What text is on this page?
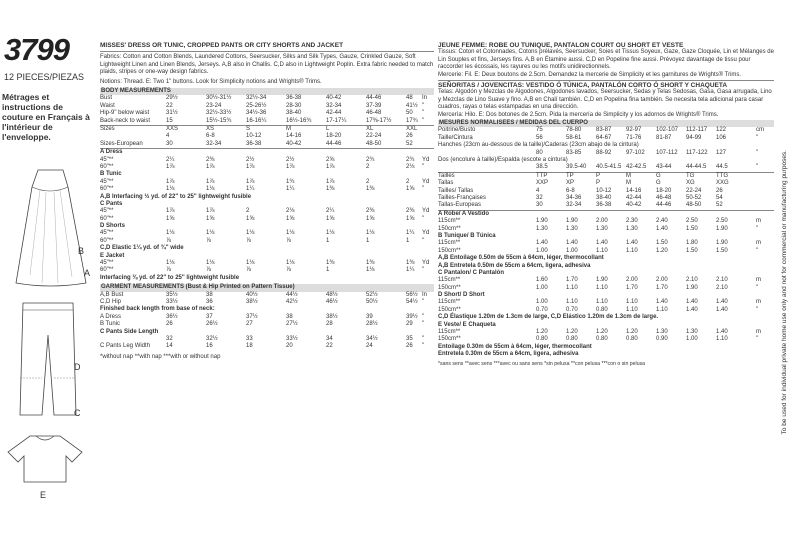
3799
12 PIECES/PIEZAS
Métrages et instructions de couture en Français à l'intérieur de l'enveloppe.
B
A
D
C
E
MISSES' DRESS OR TUNIC, CROPPED PANTS OR CITY SHORTS AND JACKET
Fabrics: Cotton and Cotton Blends, Laundered Cottons, Seersucker, Silks and Silk Types, Gauze, Crinkled Gauze, Soft Lightweight Linen and Linen Blends, Jerseys. A,B also in Challis. C,D also in Lightweight Poplin. Extra fabric needed to match plaids, stripes or one-way design fabrics.
Notions: Thread. E: Two 1" buttons. Look for Simplicity notions and Wrights® Trims.
BODY MEASUREMENTS
Bust	29½	30½-31½ 32½-34	36-38	40-42	44-46	48 In
Waist	22	23-24	25-26½	28-30	32-34	37-39	41½ "
Hip-9" below waist	31½	32½-33½ 34½-36	38-40	42-44	46-48	50 "
Back-neck to waist	15	15½-15¾ 16-16¼	16½-16¾ 17-17¼	17⅜-17½ 17¾ "
Sizes	XXS	XS	S	M	L	XL	XXL
4	6-8	10-12	14-16	18-20	22-24	26
Sizes-European	30	32-34	36-38	40-42	44-46	48-50	52
A Dress
45"**	2¼	2⅜	2½	2½	2⅝	2¾	2¾ Yd
60"**	1⅞	1⅞	1⅞	1⅞	1⅞	2	2⅛ "
B Tunic
45"**	1⅞	1⅞	1⅞	1¾	1⅞	2	2 Yd
60"**	1⅛	1⅛	1¼	1¼	1⅜	1⅜	1⅝ "
A,B Interfacing ½ yd. of 22" to 25" lightweight fusible
C Pants
45"**	1⅞	1⅞	2	2⅛	2¼	2⅜	2⅜ Yd
60"**	1⅝	1⅝	1⅝	1⅝	1⅝	1⅝	1⅝ "
D Shorts
45"**	1⅛	1⅛	1⅛	1⅛	1⅛	1⅛	1¼ Yd
60"**	⅞	⅞	⅞	⅞	1	1	1 "
C,D Elastic 1¼ yd. of ¾" wide
E Jacket
45"**	1⅛	1⅛	1⅛	1⅛	1⅜	1⅜	1⅜ Yd
60"**	⅞	⅞	⅞	⅞	1	1⅛	1¼ "
Interfacing ⅜ yd. of 22" to 25" lightweight fusible
GARMENT MEASUREMENTS (Bust & Hip Printed on Pattern Tissue)
A,B Bust	35½	38	40½	44½	48½	52½	56½ In
C,D Hip	33½	36	38½	42½	46½	50½	54½ "
Finished back length from base of neck:
A Dress	36½	37	37½	38	38½	39	39½ "
B Tunic	26	26½	27	27½	28	28½	29 "
C Pants Side Length
32	32½	33	33½	34	34½	35 "
C Pants Leg Width	14	16	18	20	22	24	26 "
*without nap **with nap ***with or without nap
JEUNE FEMME: ROBE OU TUNIQUE, PANTALON COURT OU SHORT ET VESTE
Tissus: Coton et Cotonnades, Cotons prélavés, Seersucker, Soies et Tissus Soyeux, Gaze, Gaze Cloquée, Lin et Mélanges de Lin Souples et fins, Jerseys fins. A,B en Étamine aussi. C,D en Popeline fine aussi. Prévoyez davantage de tissu pour raccorder les écossais, les rayures ou les motifs unidirectionnels.
Mercerie: Fil. E: Deux boutons de 2.5cm. Demandez la mercerie de Simplicity et les garnitures de Wrights® Trims.
SEÑORITAS / JOVENCITAS: VESTIDO Ó TÚNICA, PANTALÓN CORTO Ó SHORT Y CHAQUETA
Telas: Algodón y Mezclas de Algodones, Algodones lavados, Seersucker, Sedas y Telas Sedosas, Gasa, Gasa arrugada, Lino y Mezclas de Lino Suave y fino. A,B en Chalí también. C,D en Popelina fina también. Se necesita tela adicional para casar cuadros, rayas o telas estampadas en una dirección.
Mercería: Hilo. E: Dos botones de 2.5cm. Pida la mercería de Simplicity y los adornos de Wrights® Trims.
MESURES NORMALISEES / MEDIDAS DEL CUERPO
Poitrine/Busto	75	78-80 83-87 92-97 102-107 112-117 122	cm
Taille/Cintura	56	58-61 64-67 71-76 81-87 94-99 106	"
Hanches (23cm au-dessous de la taille)/Caderas (23cm abajo de la cintura)
80	83-85 88-92 97-102 107-112 117-122 127	"
Dos (encolure à taille)/Espalda (escote a cintura)
38.5	39.5-40 40.5-41.5 42-42.5 43-44 44-44.5 44.5	"
Tailles	TTP	TP	P	M	G	TG	TTG
Tallas	XXP	XP	P	M	G	XG	XXG
Tailles/ Tallas	4	6-8	10-12 14-16 18-20 22-24 26
Tailles-Françaises	32	34-36 38-40 42-44 46-48 50-52 54
Tallas-Europeas	30	32-34 36-38 40-42 44-46 48-50 52
A Robe/ A Vestido
115cm**	1.90	1.90	2.00	2.30	2.40	2.50	2.50	m
150cm**	1.30	1.30	1.30	1.30	1.40	1.50	1.90	"
B Tunique/ B Túnica
115cm**	1.40	1.40	1.40	1.40	1.50	1.80	1.90	m
150cm**	1.00	1.00	1.10	1.10	1.20	1.50	1.50	"
A,B Entoilage 0.50m de 55cm à 64cm, léger, thermocollant
A,B Entretela 0.50m de 55cm a 64cm, ligera, adhesiva
C Pantalon/ C Pantalón
115cm**	1.60	1.70	1.90	2.00	2.00	2.10	2.10	m
150cm**	1.00	1.10	1.10	1.70	1.70	1.90	2.10	"
D Short/ D Short
115cm**	1.00	1.10	1.10	1.10	1.40	1.40	1.40	m
150cm**	0.70	0.70	0.80	1.10	1.10	1.40	1.40	"
C,D Élastique 1.20m de 1.3cm de large, C,D Elástico 1.20m de 1.3cm de large.
E Veste/ E Chaqueta
115cm**	1.20	1.20	1.20	1.20	1.30	1.30	1.40	m
150cm**	0.80	0.80	0.80	0.80	0.90	1.00	1.10	"
Entoilage 0.30m de 55cm à 64cm, léger, thermocollant
Entretela 0.30m de 55cm a 64cm, ligera, adhesiva
*sans sens **avec sens ***avec ou sans sens *sin pelusa **con pelusa ***con o sin pelusa	To be used for individual private home use only and not for commercial or manufacturing purposes.
